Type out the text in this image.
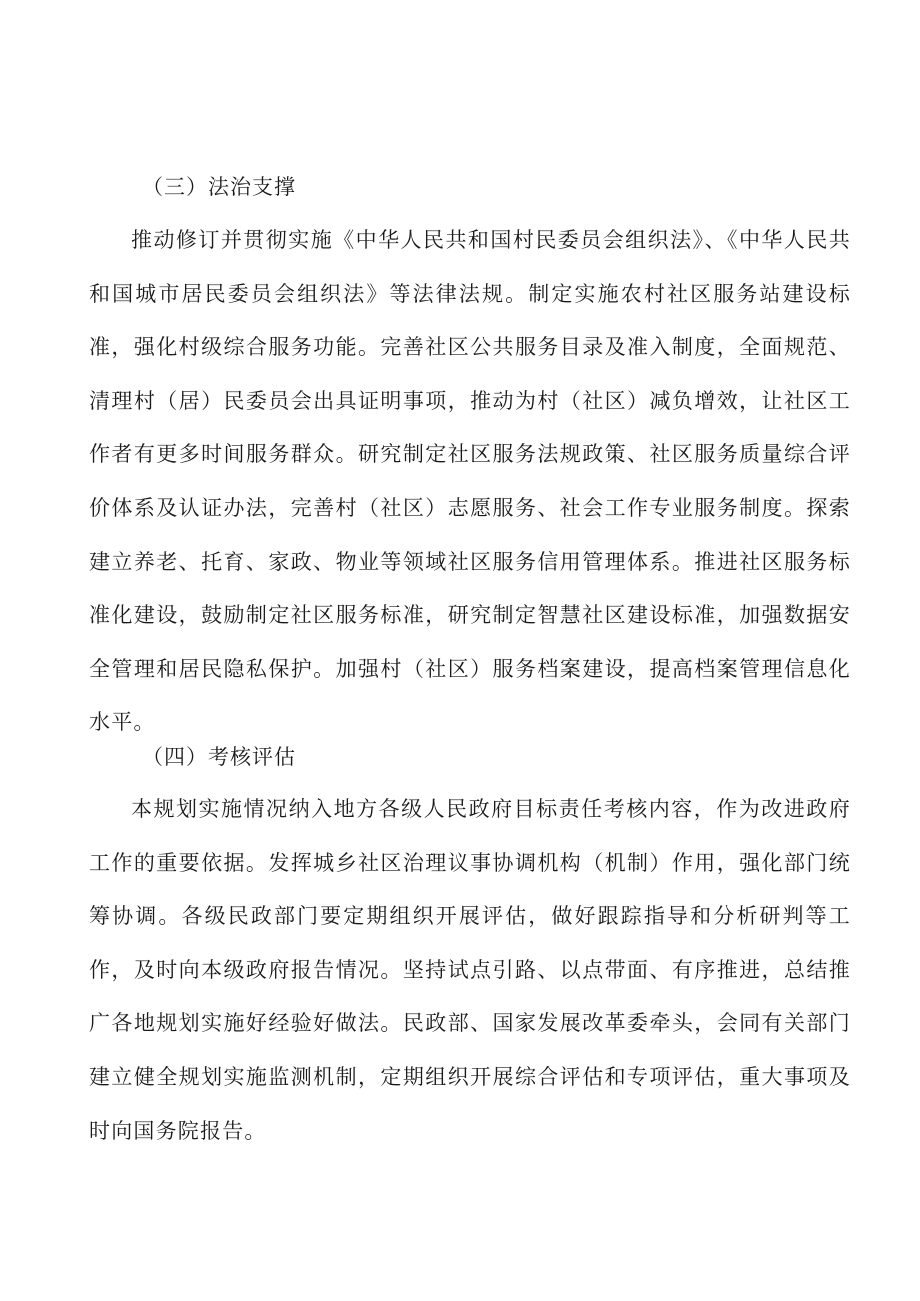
（三）法治支撑
推动修订并贯彻实施《中华人民共和国村民委员会组织法》、《中华人民共和国城市居民委员会组织法》等法律法规。制定实施农村社区服务站建设标准，强化村级综合服务功能。完善社区公共服务目录及准入制度，全面规范、清理村（居）民委员会出具证明事项，推动为村（社区）减负增效，让社区工作者有更多时间服务群众。研究制定社区服务法规政策、社区服务质量综合评价体系及认证办法，完善村（社区）志愿服务、社会工作专业服务制度。探索建立养老、托育、家政、物业等领域社区服务信用管理体系。推进社区服务标准化建设，鼓励制定社区服务标准，研究制定智慧社区建设标准，加强数据安全管理和居民隐私保护。加强村（社区）服务档案建设，提高档案管理信息化水平。
（四）考核评估
本规划实施情况纳入地方各级人民政府目标责任考核内容，作为改进政府工作的重要依据。发挥城乡社区治理议事协调机构（机制）作用，强化部门统筹协调。各级民政部门要定期组织开展评估，做好跟踪指导和分析研判等工作，及时向本级政府报告情况。坚持试点引路、以点带面、有序推进，总结推广各地规划实施好经验好做法。民政部、国家发展改革委牵头，会同有关部门建立健全规划实施监测机制，定期组织开展综合评估和专项评估，重大事项及时向国务院报告。
